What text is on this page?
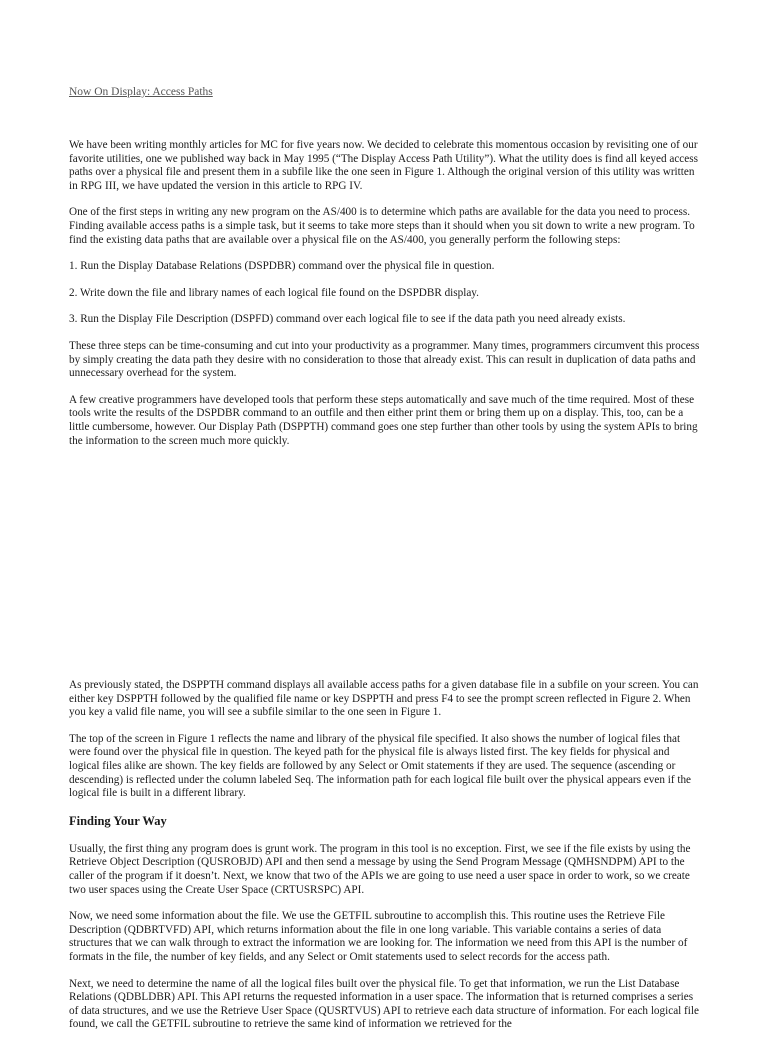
Now On Display: Access Paths

We have been writing monthly articles for MC for five years now. We decided to celebrate this momentous occasion by revisiting one of our favorite utilities, one we published way back in May 1995 (“The Display Access Path Utility”). What the utility does is find all keyed access paths over a physical file and present them in a subfile like the one seen in Figure 1. Although the original version of this utility was written in RPG III, we have updated the version in this article to RPG IV.

One of the first steps in writing any new program on the AS/400 is to determine which paths are available for the data you need to process. Finding available access paths is a simple task, but it seems to take more steps than it should when you sit down to write a new program. To find the existing data paths that are available over a physical file on the AS/400, you generally perform the following steps:

1. Run the Display Database Relations (DSPDBR) command over the physical file in question.

2. Write down the file and library names of each logical file found on the DSPDBR display.

3. Run the Display File Description (DSPFD) command over each logical file to see if the data path you need already exists.

These three steps can be time-consuming and cut into your productivity as a programmer. Many times, programmers circumvent this process by simply creating the data path they desire with no consideration to those that already exist. This can result in duplication of data paths and unnecessary overhead for the system.

A few creative programmers have developed tools that perform these steps automatically and save much of the time required. Most of these tools write the results of the DSPDBR command to an outfile and then either print them or bring them up on a display. This, too, can be a little cumbersome, however. Our Display Path (DSPPTH) command goes one step further than other tools by using the system APIs to bring the information to the screen much more quickly.

As previously stated, the DSPPTH command displays all available access paths for a given database file in a subfile on your screen. You can either key DSPPTH followed by the qualified file name or key DSPPTH and press F4 to see the prompt screen reflected in Figure 2. When you key a valid file name, you will see a subfile similar to the one seen in Figure 1.

The top of the screen in Figure 1 reflects the name and library of the physical file specified. It also shows the number of logical files that were found over the physical file in question. The keyed path for the physical file is always listed first. The key fields for physical and logical files alike are shown. The key fields are followed by any Select or Omit statements if they are used. The sequence (ascending or descending) is reflected under the column labeled Seq. The information path for each logical file built over the physical appears even if the logical file is built in a different library.

Finding Your Way

Usually, the first thing any program does is grunt work. The program in this tool is no exception. First, we see if the file exists by using the Retrieve Object Description (QUSROBJD) API and then send a message by using the Send Program Message (QMHSNDPM) API to the caller of the program if it doesn’t. Next, we know that two of the APIs we are going to use need a user space in order to work, so we create two user spaces using the Create User Space (CRTUSRSPC) API.

Now, we need some information about the file. We use the GETFIL subroutine to accomplish this. This routine uses the Retrieve File Description (QDBRTVFD) API, which returns information about the file in one long variable. This variable contains a series of data structures that we can walk through to extract the information we are looking for. The information we need from this API is the number of formats in the file, the number of key fields, and any Select or Omit statements used to select records for the access path.

Next, we need to determine the name of all the logical files built over the physical file. To get that information, we run the List Database Relations (QDBLDBR) API. This API returns the requested information in a user space. The information that is returned comprises a series of data structures, and we use the Retrieve User Space (QUSRTVUS) API to retrieve each data structure of information. For each logical file found, we call the GETFIL subroutine to retrieve the same kind of information we retrieved for the
